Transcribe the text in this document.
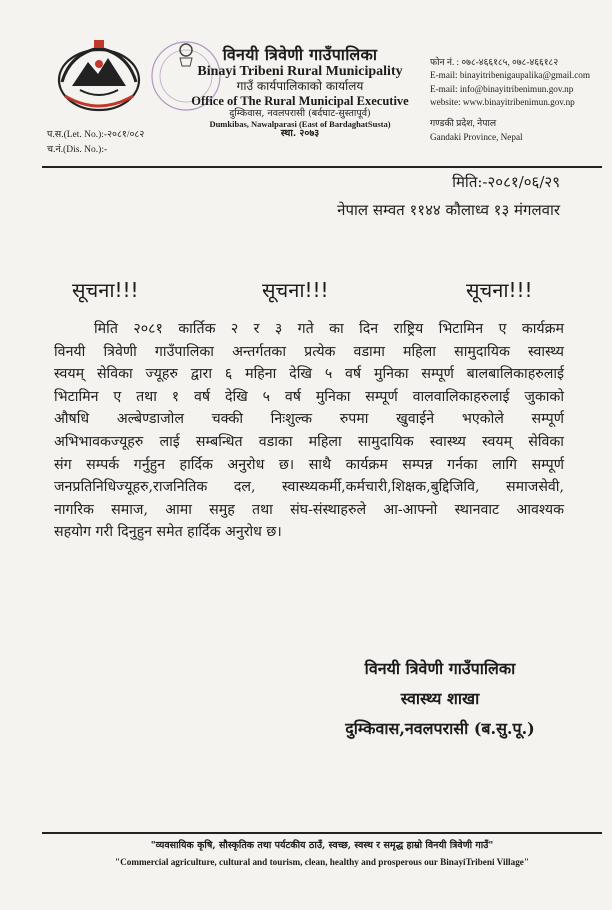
विनयी त्रिवेणी गाउँपालिका
Binayi Tribeni Rural Municipality
गाउँ कार्यपालिकाको कार्यालय
Office of The Rural Municipal Executive
दुम्किवास, नवलपरासी (बर्दघाट-सुस्तापूर्व)
Dumkibas, Nawalparasi (East of BardaghatSusta)
स्था. २०७३
फोन नं. : ०७८-४६६१८५, ०७८-४६६१८२
E-mail: binayitribenigaupalika@gmail.com
E-mail: info@binayitribenimun.gov.np
website: www.binayitribenimun.gov.np
गण्डकी प्रदेश, नेपाल
Gandaki Province, Nepal
प.स.(Let. No.):-२०८१/०८२
च.नं.(Dis. No.):-
मिति:-२०८१/०६/२९
नेपाल सम्वत ११४४ कौलाध्व १३ मंगलवार
सूचना!!!	सूचना!!!	सूचना!!!
मिति २०८१ कार्तिक २ र ३ गते का दिन राष्ट्रिय भिटामिन ए कार्यक्रम
विनयी त्रिवेणी गाउँपालिका अन्तर्गतका प्रत्येक वडामा महिला सामुदायिक स्वास्थ्य
स्वयम् सेविका ज्यूहरु द्वारा ६ महिना देखि ५ वर्ष मुनिका सम्पूर्ण बालबालिकाहरुलाई
भिटामिन ए तथा १ वर्ष देखि ५ वर्ष मुनिका सम्पूर्ण वालवालिकाहरुलाई जुकाको
औषधि अल्बेण्डाजोल चक्की निःशुल्क रुपमा खुवाईने भएकोले सम्पूर्ण
अभिभावकज्यूहरु लाई सम्बन्धित वडाका महिला सामुदायिक स्वास्थ्य स्वयम् सेविका
संग सम्पर्क गर्नुहुन हार्दिक अनुरोध छ। साथै कार्यक्रम सम्पन्न गर्नका लागि सम्पूर्ण
जनप्रतिनिधिज्यूहरु,राजनितिक दल, स्वास्थ्यकर्मी,कर्मचारी,शिक्षक,बुद्दिजिवि, समाजसेवी,
नागरिक समाज, आमा समुह तथा संघ-संस्थाहरुले आ-आफ्नो स्थानवाट आवश्यक
सहयोग गरी दिनुहुन समेत हार्दिक अनुरोध छ।
विनयी त्रिवेणी गाउँपालिका
स्वास्थ्य शाखा
दुम्किवास,नवलपरासी (ब.सु.पू.)
"व्यवसायिक कृषि, सौस्कृतिक तथा पर्यटकीय ठाउँ, स्वच्छ, स्वस्थ र समृद्ध हाम्रो विनयी त्रिवेणी गाउँ"
"Commercial agriculture, cultural and tourism, clean, healthy and prosperous our BinayiTribeni Village"
